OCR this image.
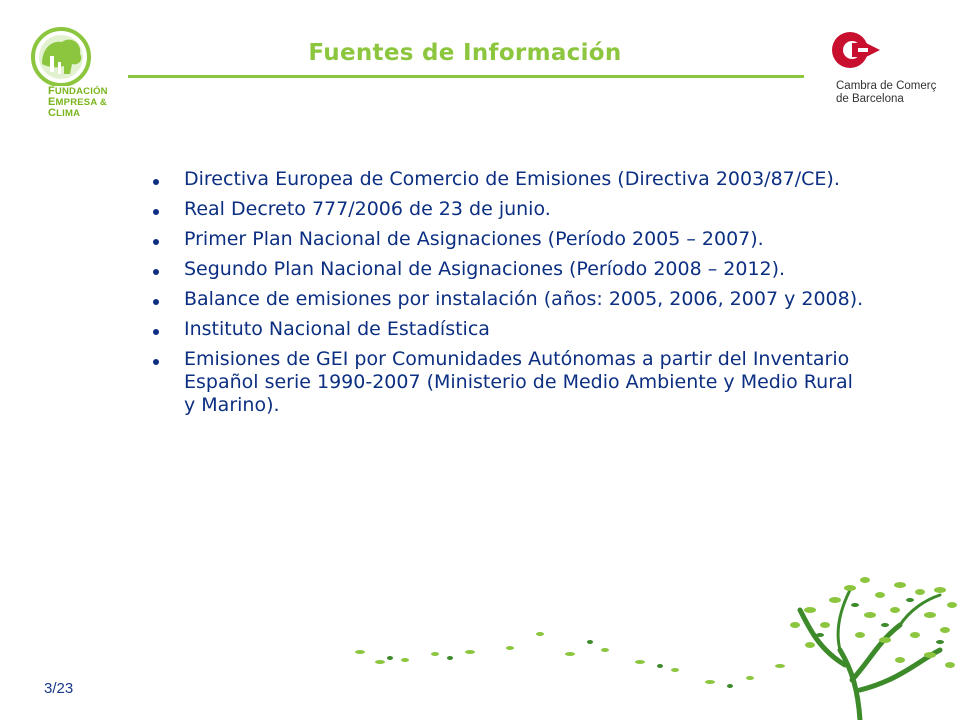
FUNDACIÓN
EMPRESA &
CLIMA
Fuentes de Información
Cambra de Comerç
de Barcelona
Directiva Europea de Comercio de Emisiones (Directiva 2003/87/CE).
Real Decreto 777/2006 de 23 de junio.
Primer Plan Nacional de Asignaciones (Período 2005 – 2007).
Segundo Plan Nacional de Asignaciones (Período 2008 – 2012).
Balance de emisiones por instalación (años: 2005, 2006, 2007 y 2008).
Instituto Nacional de Estadística
Emisiones de GEI por Comunidades Autónomas a partir del Inventario Español serie 1990-2007 (Ministerio de Medio Ambiente y Medio Rural y Marino).
3/23
